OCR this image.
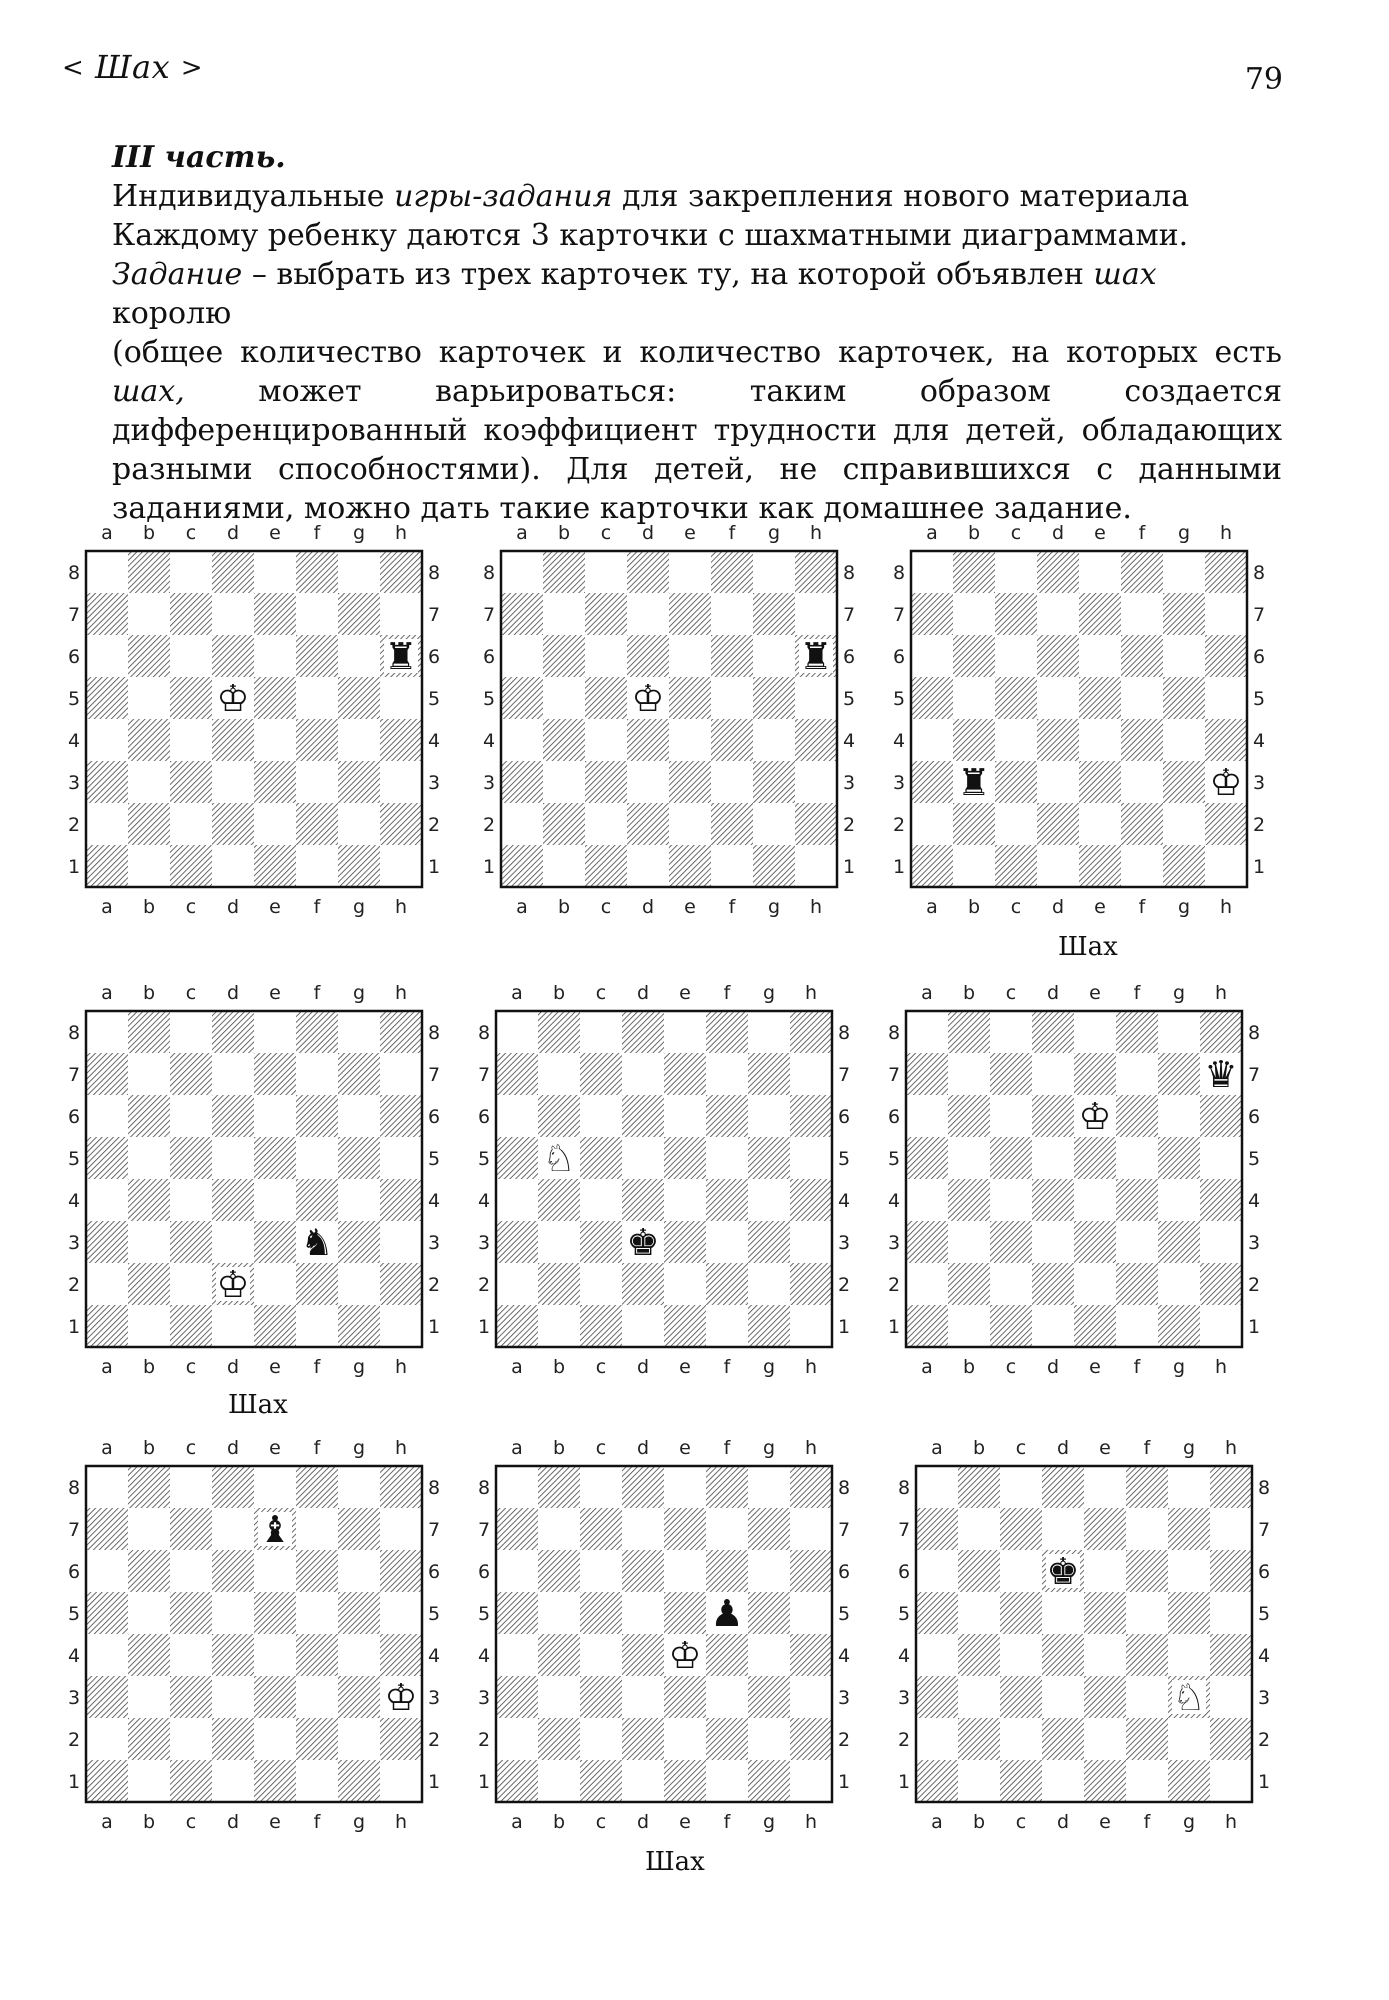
< Шах >	79

III часть.

Индивидуальные игры-задания для закрепления нового материала

Каждому ребенку даются 3 карточки с шахматными диаграммами.

Задание – выбрать из трех карточек ту, на которой объявлен шах королю

(общее количество карточек и количество карточек, на которых есть шах, может варьироваться: таким образом создается дифференцированный коэффициент трудности для детей, обладающих разными способностями). Для детей, не справившихся с данными заданиями, можно дать такие карточки как домашнее задание.

a
a
b
b
c
c
d
d
e
e
f
f
g
g
h
h
8	8
7	7
6	6
5	5
4	4
3	3
2	2
1	1
♔
♜
a
a
b
b
c
c
d
d
e
e
f
f
g
g
h
h
8	8
7	7
6	6
5	5
4	4
3	3
2	2
1	1
♔
♜
a
a
b
b
c
c
d
d
e
e
f
f
g
g
h
h
8	8
7	7
6	6
5	5
4	4
3	3
2	2
1	1
♜	♔
a
a
b
b
c
c
d
d
e
e
f
f
g
g
h
h
8	8
7	7
6	6
5	5
4	4
3	3
2	2
1	1
♞
♔
a
a
b
b
c
c
d
d
e
e
f
f
g
g
h
h
8	8
7	7
6	6
5	5
4	4
3	3
2	2
1	1
♘
♚
a
a
b
b
c
c
d
d
e
e
f
f
g
g
h
h
8	8
7	7
6	6
5	5
4	4
3	3
2	2
1	1
♛
♔
a
a
b
b
c
c
d
d
e
e
f
f
g
g
h
h
8	8
7	7
6	6
5	5
4	4
3	3
2	2
1	1
♝
♔
a
a
b
b
c
c
d
d
e
e
f
f
g
g
h
h
8	8
7	7
6	6
5	5
4	4
3	3
2	2
1	1
♟
♔
a
a
b
b
c
c
d
d
e
e
f
f
g
g
h
h
8	8
7	7
6	6
5	5
4	4
3	3
2	2
1	1
♚
♘
Шах
Шах
Шах
